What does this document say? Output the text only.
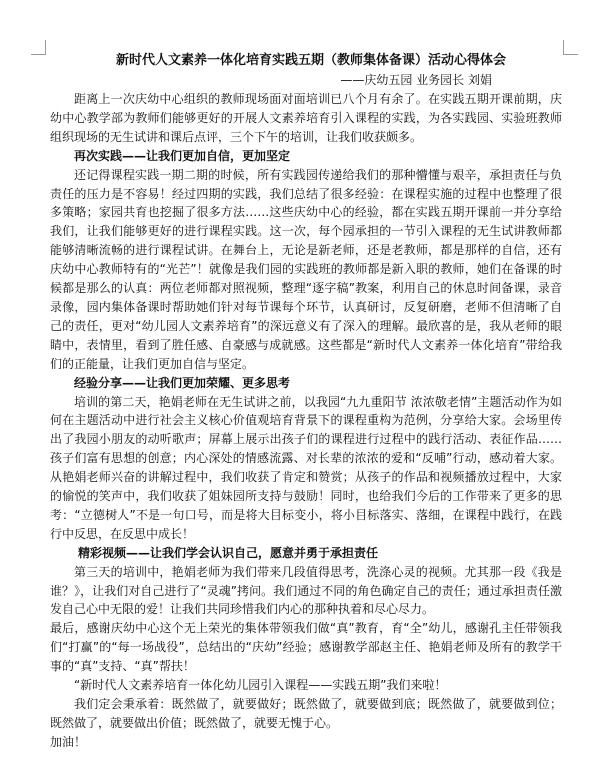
新时代人文素养一体化培育实践五期（教师集体备课）活动心得体会
——庆幼五园 业务园长 刘娟

距离上一次庆幼中心组织的教师现场面对面培训已八个月有余了。在实践五期开课前期，庆幼中心教学部为教师们能够更好的开展人文素养培育引入课程的实践，为各实践园、实验班教师组织现场的无生试讲和课后点评，三个下午的培训，让我们收获颇多。

再次实践——让我们更加自信，更加坚定

还记得课程实践一期二期的时候，所有实践园传递给我们的那种懵懂与艰辛，承担责任与负责任的压力是不容易！经过四期的实践，我们总结了很多经验：在课程实施的过程中也整理了很多策略；家园共育也挖掘了很多方法……这些庆幼中心的经验，都在实践五期开课前一并分享给我们，让我们能够更好的进行课程实践。这一次，每个园承担的一节引入课程的无生试讲教师都能够清晰流畅的进行课程试讲。在舞台上，无论是新老师，还是老教师，都是那样的自信，还有庆幼中心教师特有的“光芒”！就像是我们园的实践班的教师都是新入职的教师，她们在备课的时候都是那么的认真：两位老师都对照视频，整理“逐字稿”教案，利用自己的休息时间备课，录音录像，园内集体备课时帮助她们针对每节课每个环节，认真研讨，反复研磨，老师不但清晰了自己的责任，更对“幼儿园人文素养培育”的深远意义有了深入的理解。最欣喜的是，我从老师的眼睛中，表情里，看到了胜任感、自豪感与成就感。这些都是“新时代人文素养一体化培育”带给我们的正能量，让我们更加自信与坚定。

经验分享——让我们更加荣耀、更多思考

培训的第二天，艳娟老师在无生试讲之前，以我园“九九重阳节 浓浓敬老情”主题活动作为如何在主题活动中进行社会主义核心价值观培育背景下的课程重构为范例，分享给大家。会场里传出了我园小朋友的动听歌声；屏幕上展示出孩子们的课程进行过程中的践行活动、表征作品……孩子们富有思想的创意；内心深处的情感流露、对长辈的浓浓的爱和“反哺”行动，感动着大家。从艳娟老师兴奋的讲解过程中，我们收获了肯定和赞赏；从孩子的作品和视频播放过程中，大家的愉悦的笑声中，我们收获了姐妹园所支持与鼓励！同时，也给我们今后的工作带来了更多的思考：“立德树人”不是一句口号，而是将大目标变小，将小目标落实、落细，在课程中践行，在践行中反思，在反思中成长！

精彩视频——让我们学会认识自己，愿意并勇于承担责任

第三天的培训中，艳娟老师为我们带来几段值得思考，洗涤心灵的视频。尤其那一段《我是谁？》，让我们对自己进行了“灵魂”拷问。我们通过不同的角色确定自己的责任；通过承担责任激发自己心中无限的爱！让我们共同珍惜我们内心的那种执着和尽心尽力。

最后，感谢庆幼中心这个无上荣光的集体带领我们做“真”教育，育“全”幼儿，感谢孔主任带领我们“打赢”的“每一场战役”，总结出的“庆幼”经验；感谢教学部赵主任、艳娟老师及所有的教学干事的“真”支持、“真”帮扶！

“新时代人文素养培育一体化幼儿园引入课程——实践五期”我们来啦！

我们定会秉承着：既然做了，就要做好；既然做了，就要做到底；既然做了，就要做到位；既然做了，就要做出价值；既然做了，就要无愧于心。

加油！
